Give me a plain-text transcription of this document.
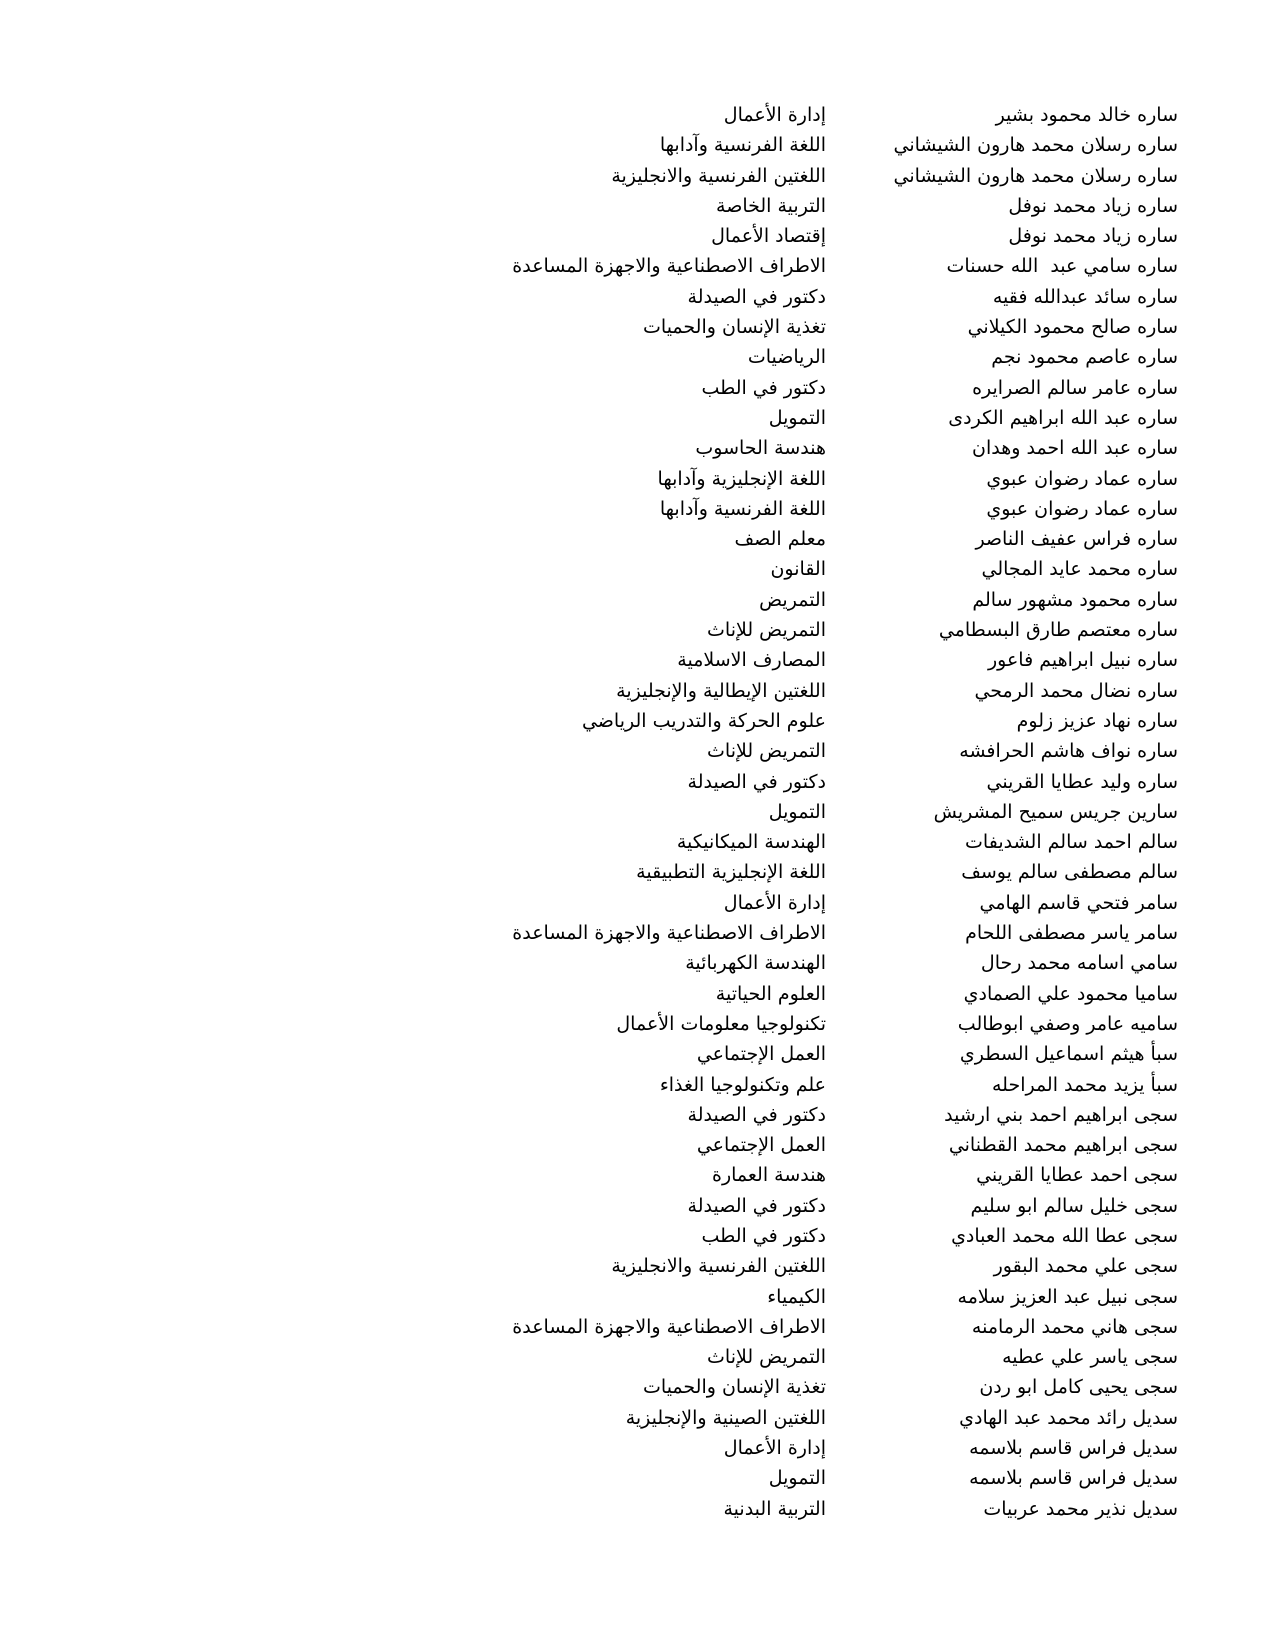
إدارة الأعمال	ساره خالد محمود بشير
اللغة الفرنسية وآدابها	ساره رسلان محمد هارون الشيشاني
اللغتين الفرنسية والانجليزية	ساره رسلان محمد هارون الشيشاني
التربية الخاصة	ساره زياد محمد نوفل
إقتصاد الأعمال	ساره زياد محمد نوفل
الاطراف الاصطناعية والاجهزة المساعدة	ساره سامي عبد  الله حسنات
دكتور في الصيدلة	ساره سائد عبدالله فقيه
تغذية الإنسان والحميات	ساره صالح محمود الكيلاني
الرياضيات	ساره عاصم محمود نجم
دكتور في الطب	ساره عامر سالم الصرايره
التمويل	ساره عبد الله ابراهيم الكردى
هندسة الحاسوب	ساره عبد الله احمد وهدان
اللغة الإنجليزية وآدابها	ساره عماد رضوان عبوي
اللغة الفرنسية وآدابها	ساره عماد رضوان عبوي
معلم الصف	ساره فراس عفيف الناصر
القانون	ساره محمد عايد المجالي
التمريض	ساره محمود مشهور سالم
التمريض للإناث	ساره معتصم طارق البسطامي
المصارف الاسلامية	ساره نبيل ابراهيم فاعور
اللغتين الإيطالية والإنجليزية	ساره نضال محمد الرمحي
علوم الحركة والتدريب الرياضي	ساره نهاد عزيز زلوم
التمريض للإناث	ساره نواف هاشم الحرافشه
دكتور في الصيدلة	ساره وليد عطايا القريني
التمويل	سارين جريس سميح المشريش
الهندسة الميكانيكية	سالم احمد سالم الشديفات
اللغة الإنجليزية التطبيقية	سالم مصطفى سالم يوسف
إدارة الأعمال	سامر فتحي قاسم الهامي
الاطراف الاصطناعية والاجهزة المساعدة	سامر ياسر مصطفى اللحام
الهندسة الكهربائية	سامي اسامه محمد رحال
العلوم الحياتية	ساميا محمود علي الصمادي
تكنولوجيا معلومات الأعمال	ساميه عامر وصفي ابوطالب
العمل الإجتماعي	سبأ هيثم اسماعيل السطري
علم وتكنولوجيا الغذاء	سبأ يزيد محمد المراحله
دكتور في الصيدلة	سجى ابراهيم احمد بني ارشيد
العمل الإجتماعي	سجى ابراهيم محمد القطناني
هندسة العمارة	سجى احمد عطايا القريني
دكتور في الصيدلة	سجى خليل سالم ابو سليم
دكتور في الطب	سجى عطا الله محمد العبادي
اللغتين الفرنسية والانجليزية	سجى علي محمد البقور
الكيمياء	سجى نبيل عبد العزيز سلامه
الاطراف الاصطناعية والاجهزة المساعدة	سجى هاني محمد الرمامنه
التمريض للإناث	سجى ياسر علي عطيه
تغذية الإنسان والحميات	سجى يحيى كامل ابو ردن
اللغتين الصينية والإنجليزية	سديل رائد محمد عبد الهادي
إدارة الأعمال	سديل فراس قاسم بلاسمه
التمويل	سديل فراس قاسم بلاسمه
التربية البدنية	سديل نذير محمد عربيات
